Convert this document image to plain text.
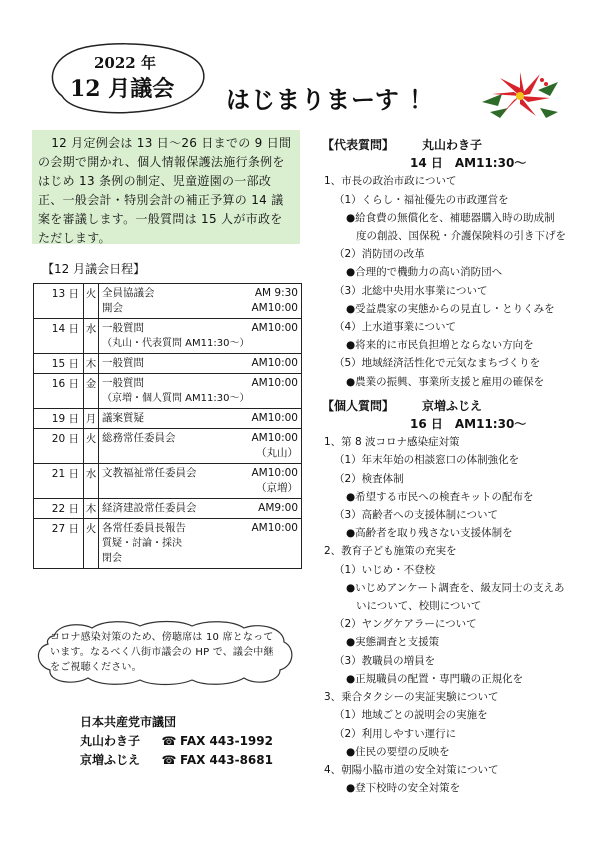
2022 年
12 月議会 はじまりまーす ！
12 月定例会は 13 日～26 日までの 9 日間の会期で開かれ、個人情報保護法施行条例をはじめ 13 条例の制定、児童遊園の一部改正、一般会計・特別会計の補正予算の 14 議案を審議します。一般質問は 15 人が市政をただします。
【12 月議会日程】
13 日	火	全員協議会 AM 9:30
開会 AM10:00

14 日	水	一般質問 AM10:00
（丸山・代表質問 AM11:30～）

15 日	木	一般質問 AM10:00

16 日	金	一般質問 AM10:00
（京増・個人質問 AM11:30～）

19 日	月	議案質疑 AM10:00

20 日	火	総務常任委員会 AM10:00
（丸山）

21 日	水	文教福祉常任委員会 AM10:00
（京増）

22 日	木	経済建設常任委員会 AM9:00

27 日	火	各常任委員長報告 AM10:00
質疑・討論・採決
閉会
コロナ感染対策のため、傍聴席は 10 席となっています。なるべく八街市議会の HP で、議会中継をご視聴ください。
日本共産党市議団
丸山わき子	☎ FAX 443-1992
京増ふじえ	☎ FAX 443-8681
【代表質問】	丸山わき子
14 日　AM11:30～
1、市長の政治市政について
（1）くらし・福祉優先の市政運営を
●給食費の無償化を、補聴器購入時の助成制
度の創設、国保税・介護保険料の引き下げを
（2）消防団の改革
●合理的で機動力の高い消防団へ
（3）北総中央用水事業について
●受益農家の実態からの見直し・とりくみを
（4）上水道事業について
●将来的に市民負担増とならない方向を
（5）地域経済活性化で元気なまちづくりを
●農業の振興、事業所支援と雇用の確保を
【個人質問】	京増ふじえ
16 日　AM11:30～
1、第 8 波コロナ感染症対策
（1）年末年始の相談窓口の体制強化を
（2）検査体制
●希望する市民への検査キットの配布を
（3）高齢者への支援体制について
●高齢者を取り残さない支援体制を
2、教育子ども施策の充実を
（1）いじめ・不登校
●いじめアンケート調査を、級友同士の支えあ
いについて、校則について
（2）ヤングケアラーについて
●実態調査と支援策
（3）教職員の増員を
●正規職員の配置・専門職の正規化を
3、乗合タクシーの実証実験について
（1）地域ごとの説明会の実施を
（2）利用しやすい運行に
●住民の要望の反映を
4、朝陽小脇市道の安全対策について
●登下校時の安全対策を
